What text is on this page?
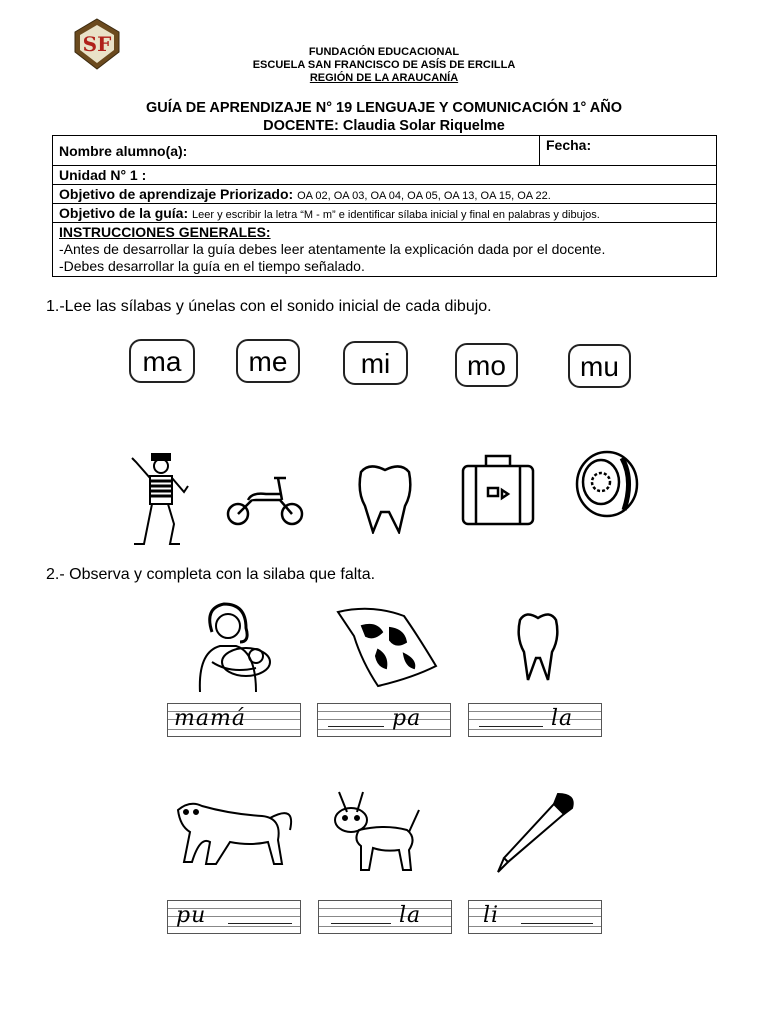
SF	FUNDACIÓN EDUCACIONAL
ESCUELA SAN FRANCISCO DE ASÍS DE ERCILLA
REGIÓN DE LA ARAUCANÍA
GUÍA DE APRENDIZAJE N° 19 LENGUAJE Y COMUNICACIÓN 1° AÑO
DOCENTE: Claudia Solar Riquelme
Nombre alumno(a):	Fecha:
Unidad N° 1 :
Objetivo de aprendizaje Priorizado: OA 02, OA 03, OA 04, OA 05, OA 13, OA 15, OA 22.
Objetivo de la guía: Leer y escribir la letra “M - m” e identificar sílaba inicial y final en palabras y dibujos.

INSTRUCCIONES GENERALES:
-Antes de desarrollar la guía debes leer atentamente la explicación dada por el docente.
-Debes desarrollar la guía en el tiempo señalado.
1.-Lee las sílabas y únelas con el sonido inicial de cada dibujo.
ma	me	mi	mo	mu
2.- Observa y completa con la silaba que falta.
mamá	pa	la
pu	la	li
